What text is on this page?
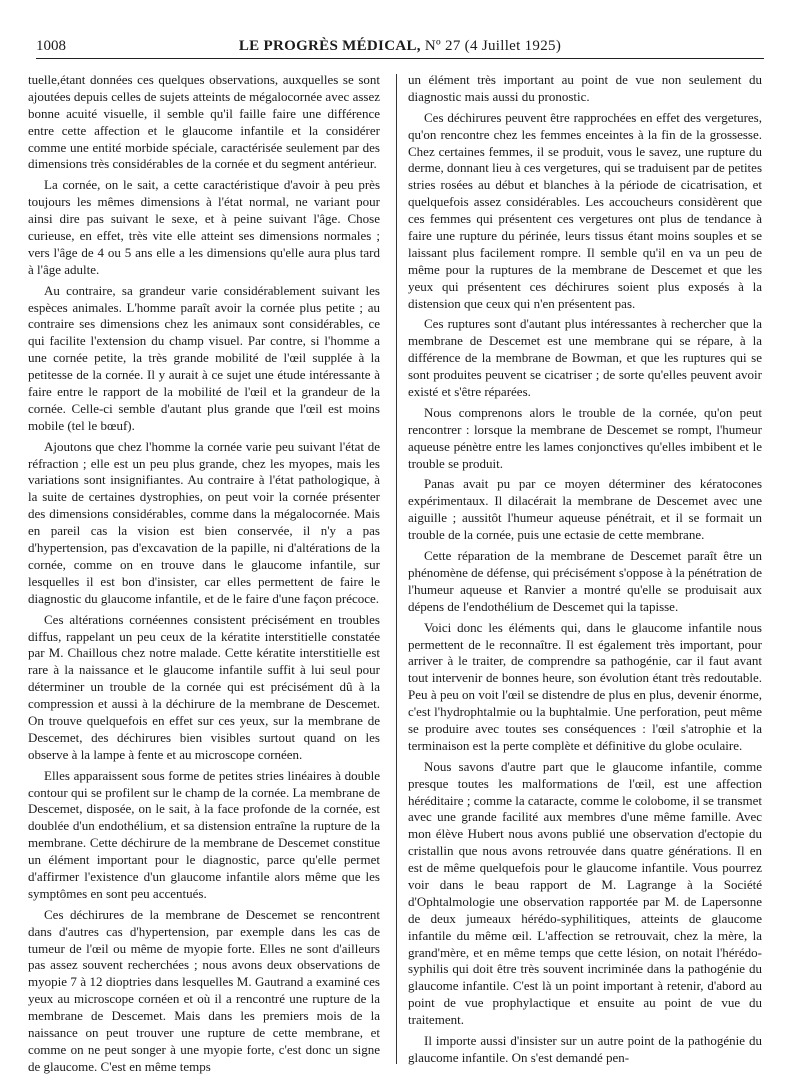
1008	LE PROGRÈS MÉDICAL, Nº 27 (4 Juillet 1925)

tuelle,étant données ces quelques observations, auxquelles se sont ajoutées depuis celles de sujets atteints de mégalocornée avec assez bonne acuité visuelle, il semble qu'il faille faire une différence entre cette affection et le glaucome infantile et la considérer comme une entité morbide spéciale, caractérisée seulement par des dimensions très considérables de la cornée et du segment antérieur.

La cornée, on le sait, a cette caractéristique d'avoir à peu près toujours les mêmes dimensions à l'état normal, ne variant pour ainsi dire pas suivant le sexe, et à peine suivant l'âge. Chose curieuse, en effet, très vite elle atteint ses dimensions normales ; vers l'âge de 4 ou 5 ans elle a les dimensions qu'elle aura plus tard à l'âge adulte.

Au contraire, sa grandeur varie considérablement suivant les espèces animales. L'homme paraît avoir la cornée plus petite ; au contraire ses dimensions chez les animaux sont considérables, ce qui facilite l'extension du champ visuel. Par contre, si l'homme a une cornée petite, la très grande mobilité de l'œil supplée à la petitesse de la cornée. Il y aurait à ce sujet une étude intéressante à faire entre le rapport de la mobilité de l'œil et la grandeur de la cornée. Celle-ci semble d'autant plus grande que l'œil est moins mobile (tel le bœuf).

Ajoutons que chez l'homme la cornée varie peu suivant l'état de réfraction ; elle est un peu plus grande, chez les myopes, mais les variations sont insignifiantes. Au contraire à l'état pathologique, à la suite de certaines dystrophies, on peut voir la cornée présenter des dimensions considérables, comme dans la mégalocornée. Mais en pareil cas la vision est bien conservée, il n'y a pas d'hypertension, pas d'excavation de la papille, ni d'altérations de la cornée, comme on en trouve dans le glaucome infantile, sur lesquelles il est bon d'insister, car elles permettent de faire le diagnostic du glaucome infantile, et de le faire d'une façon précoce.

Ces altérations cornéennes consistent précisément en troubles diffus, rappelant un peu ceux de la kératite interstitielle constatée par M. Chaillous chez notre malade. Cette kératite interstitielle est rare à la naissance et le glaucome infantile suffit à lui seul pour déterminer un trouble de la cornée qui est précisément dû à la compression et aussi à la déchirure de la membrane de Descemet. On trouve quelquefois en effet sur ces yeux, sur la membrane de Descemet, des déchirures bien visibles surtout quand on les observe à la lampe à fente et au microscope cornéen.

Elles apparaissent sous forme de petites stries linéaires à double contour qui se profilent sur le champ de la cornée. La membrane de Descemet, disposée, on le sait, à la face profonde de la cornée, est doublée d'un endothélium, et sa distension entraîne la rupture de la membrane. Cette déchirure de la membrane de Descemet constitue un élément important pour le diagnostic, parce qu'elle permet d'affirmer l'existence d'un glaucome infantile alors même que les symptômes en sont peu accentués.

Ces déchirures de la membrane de Descemet se rencontrent dans d'autres cas d'hypertension, par exemple dans les cas de tumeur de l'œil ou même de myopie forte. Elles ne sont d'ailleurs pas assez souvent recherchées ; nous avons deux observations de myopie 7 à 12 dioptries dans lesquelles M. Gautrand a examiné ces yeux au microscope cornéen et où il a rencontré une rupture de la membrane de Descemet. Mais dans les premiers mois de la naissance on peut trouver une rupture de cette membrane, et comme on ne peut songer à une myopie forte, c'est donc un signe de glaucome. C'est en même temps

un élément très important au point de vue non seulement du diagnostic mais aussi du pronostic.

Ces déchirures peuvent être rapprochées en effet des vergetures, qu'on rencontre chez les femmes enceintes à la fin de la grossesse. Chez certaines femmes, il se produit, vous le savez, une rupture du derme, donnant lieu à ces vergetures, qui se traduisent par de petites stries rosées au début et blanches à la période de cicatrisation, et quelquefois assez considérables. Les accoucheurs considèrent que ces femmes qui présentent ces vergetures ont plus de tendance à faire une rupture du périnée, leurs tissus étant moins souples et se laissant plus facilement rompre. Il semble qu'il en va un peu de même pour la ruptures de la membrane de Descemet et que les yeux qui présentent ces déchirures soient plus exposés à la distension que ceux qui n'en présentent pas.

Ces ruptures sont d'autant plus intéressantes à rechercher que la membrane de Descemet est une membrane qui se répare, à la différence de la membrane de Bowman, et que les ruptures qui se sont produites peuvent se cicatriser ; de sorte qu'elles peuvent avoir existé et s'être réparées.

Nous comprenons alors le trouble de la cornée, qu'on peut rencontrer : lorsque la membrane de Descemet se rompt, l'humeur aqueuse pénètre entre les lames conjonctives qu'elles imbibent et le trouble se produit.

Panas avait pu par ce moyen déterminer des kératocones expérimentaux. Il dilacérait la membrane de Descemet avec une aiguille ; aussitôt l'humeur aqueuse pénétrait, et il se formait un trouble de la cornée, puis une ectasie de cette membrane.

Cette réparation de la membrane de Descemet paraît être un phénomène de défense, qui précisément s'oppose à la pénétration de l'humeur aqueuse et Ranvier a montré qu'elle se produisait aux dépens de l'endothélium de Descemet qui la tapisse.

Voici donc les éléments qui, dans le glaucome infantile nous permettent de le reconnaître. Il est également très important, pour arriver à le traiter, de comprendre sa pathogénie, car il faut avant tout intervenir de bonnes heure, son évolution étant très redoutable. Peu à peu on voit l'œil se distendre de plus en plus, devenir énorme, c'est l'hydrophtalmie ou la buphtalmie. Une perforation, peut même se produire avec toutes ses conséquences : l'œil s'atrophie et la terminaison est la perte complète et définitive du globe oculaire.

Nous savons d'autre part que le glaucome infantile, comme presque toutes les malformations de l'œil, est une affection héréditaire ; comme la cataracte, comme le colobome, il se transmet avec une grande facilité aux membres d'une même famille. Avec mon élève Hubert nous avons publié une observation d'ectopie du cristallin que nous avons retrouvée dans quatre générations. Il en est de même quelquefois pour le glaucome infantile. Vous pourrez voir dans le beau rapport de M. Lagrange à la Société d'Ophtalmologie une observation rapportée par M. de Lapersonne de deux jumeaux hérédo-syphilitiques, atteints de glaucome infantile du même œil. L'affection se retrouvait, chez la mère, la grand'mère, et en même temps que cette lésion, on notait l'hérédo-syphilis qui doit être très souvent incriminée dans la pathogénie du glaucome infantile. C'est là un point important à retenir, d'abord au point de vue prophylactique et ensuite au point de vue du traitement.

Il importe aussi d'insister sur un autre point de la pathogénie du glaucome infantile. On s'est demandé pen-
